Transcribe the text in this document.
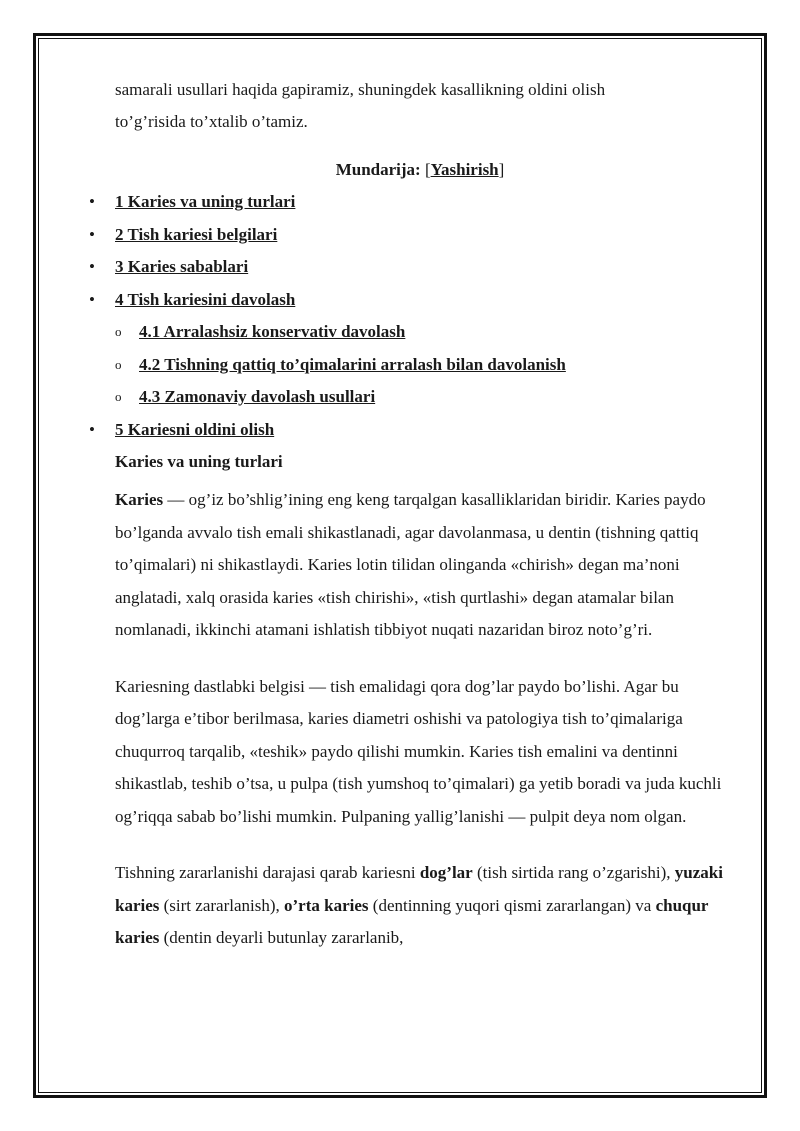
samarali usullari haqida gapiramiz, shuningdek kasallikning oldini olish

to’g’risida to’xtalib o’tamiz.

Mundarija: [Yashirish]

• 1 Karies va uning turlari
• 2 Tish kariesi belgilari
• 3 Karies sabablari
• 4 Tish kariesini davolash
o 4.1 Arralashsiz konservativ davolash
o 4.2 Tishning qattiq to’qimalarini arralash bilan davolanish
o 4.3 Zamonaviy davolash usullari
• 5 Kariesni oldini olish

Karies va uning turlari

Karies — og’iz bo’shlig’ining eng keng tarqalgan kasalliklaridan biridir. Karies paydo bo’lganda avvalo tish emali shikastlanadi, agar davolanmasa, u dentin (tishning qattiq to’qimalari) ni shikastlaydi. Karies lotin tilidan olinganda «chirish» degan ma’noni anglatadi, xalq orasida karies «tish chirishi», «tish qurtlashi» degan atamalar bilan nomlanadi, ikkinchi atamani ishlatish tibbiyot nuqati nazaridan biroz noto’g’ri.

Kariesning dastlabki belgisi — tish emalidagi qora dog’lar paydo bo’lishi. Agar bu dog’larga e’tibor berilmasa, karies diametri oshishi va patologiya tish to’qimalariga chuqurroq tarqalib, «teshik» paydo qilishi mumkin. Karies tish emalini va dentinni shikastlab, teshib o’tsa, u pulpa (tish yumshoq to’qimalari) ga yetib boradi va juda kuchli og’riqqa sabab bo’lishi mumkin. Pulpaning yallig’lanishi — pulpit deya nom olgan.

Tishning zararlanishi darajasi qarab kariesni dog’lar (tish sirtida rang o’zgarishi), yuzaki karies (sirt zararlanish), o’rta karies (dentinning yuqori qismi zararlangan) va chuqur karies (dentin deyarli butunlay zararlanib,
